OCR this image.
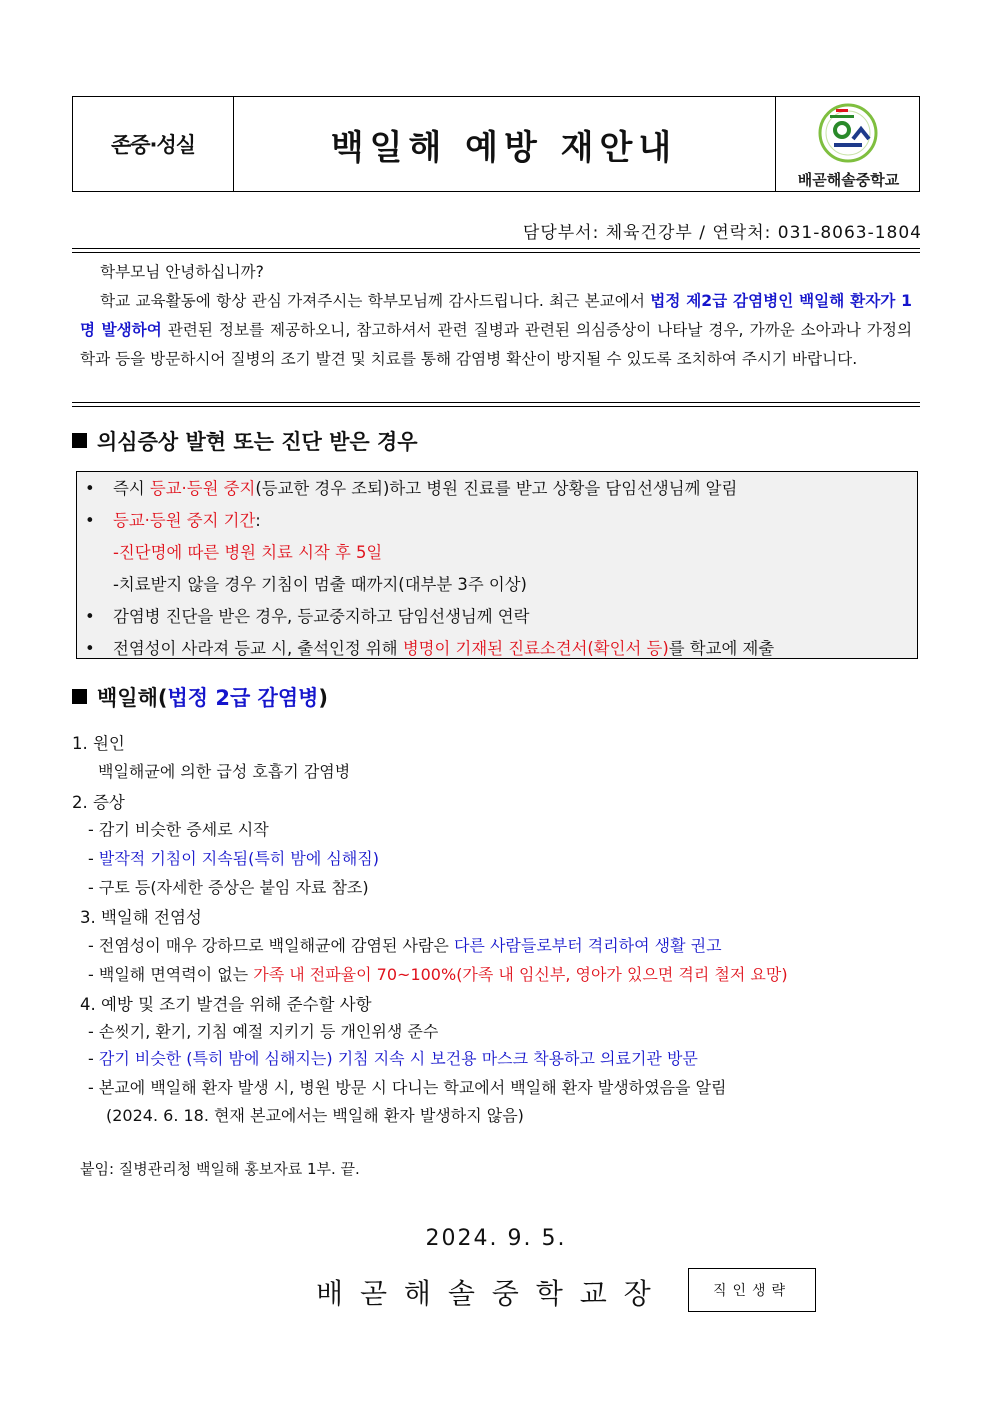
존중·성실	백일해 예방 재안내
배곧해솔중학교
담당부서: 체육건강부 / 연락처: 031-8063-1804

학부모님 안녕하십니까?

학교 교육활동에 항상 관심 가져주시는 학부모님께 감사드립니다. 최근 본교에서 법정 제2급 감염병인 백일해 환자가 1명 발생하여 관련된 정보를 제공하오니, 참고하셔서 관련 질병과 관련된 의심증상이 나타날 경우, 가까운 소아과나 가정의학과 등을 방문하시어 질병의 조기 발견 및 치료를 통해 감염병 확산이 방지될 수 있도록 조치하여 주시기 바랍니다.

의심증상 발현 또는 진단 받은 경우
• 즉시 등교·등원 중지(등교한 경우 조퇴)하고 병원 진료를 받고 상황을 담임선생님께 알림
• 등교·등원 중지 기간:
-진단명에 따른 병원 치료 시작 후 5일
-치료받지 않을 경우 기침이 멈출 때까지(대부분 3주 이상)
• 감염병 진단을 받은 경우, 등교중지하고 담임선생님께 연락
• 전염성이 사라져 등교 시, 출석인정 위해 병명이 기재된 진료소견서(확인서 등)를 학교에 제출
백일해(법정 2급 감염병)
1. 원인
백일해균에 의한 급성 호흡기 감염병
2. 증상
- 감기 비슷한 증세로 시작
- 발작적 기침이 지속됨(특히 밤에 심해짐)
- 구토 등(자세한 증상은 붙임 자료 참조)
3. 백일해 전염성
- 전염성이 매우 강하므로 백일해균에 감염된 사람은 다른 사람들로부터 격리하여 생활 권고
- 백일해 면역력이 없는 가족 내 전파율이 70~100%(가족 내 임신부, 영아가 있으면 격리 철저 요망)
4. 예방 및 조기 발견을 위해 준수할 사항
- 손씻기, 환기, 기침 예절 지키기 등 개인위생 준수
- 감기 비슷한 (특히 밤에 심해지는) 기침 지속 시 보건용 마스크 착용하고 의료기관 방문
- 본교에 백일해 환자 발생 시, 병원 방문 시 다니는 학교에서 백일해 환자 발생하였음을 알림
(2024. 6. 18. 현재 본교에서는 백일해 환자 발생하지 않음)
붙임: 질병관리청 백일해 홍보자료 1부. 끝.
2024. 9. 5.
배 곧 해 솔 중 학 교 장	직인생략
